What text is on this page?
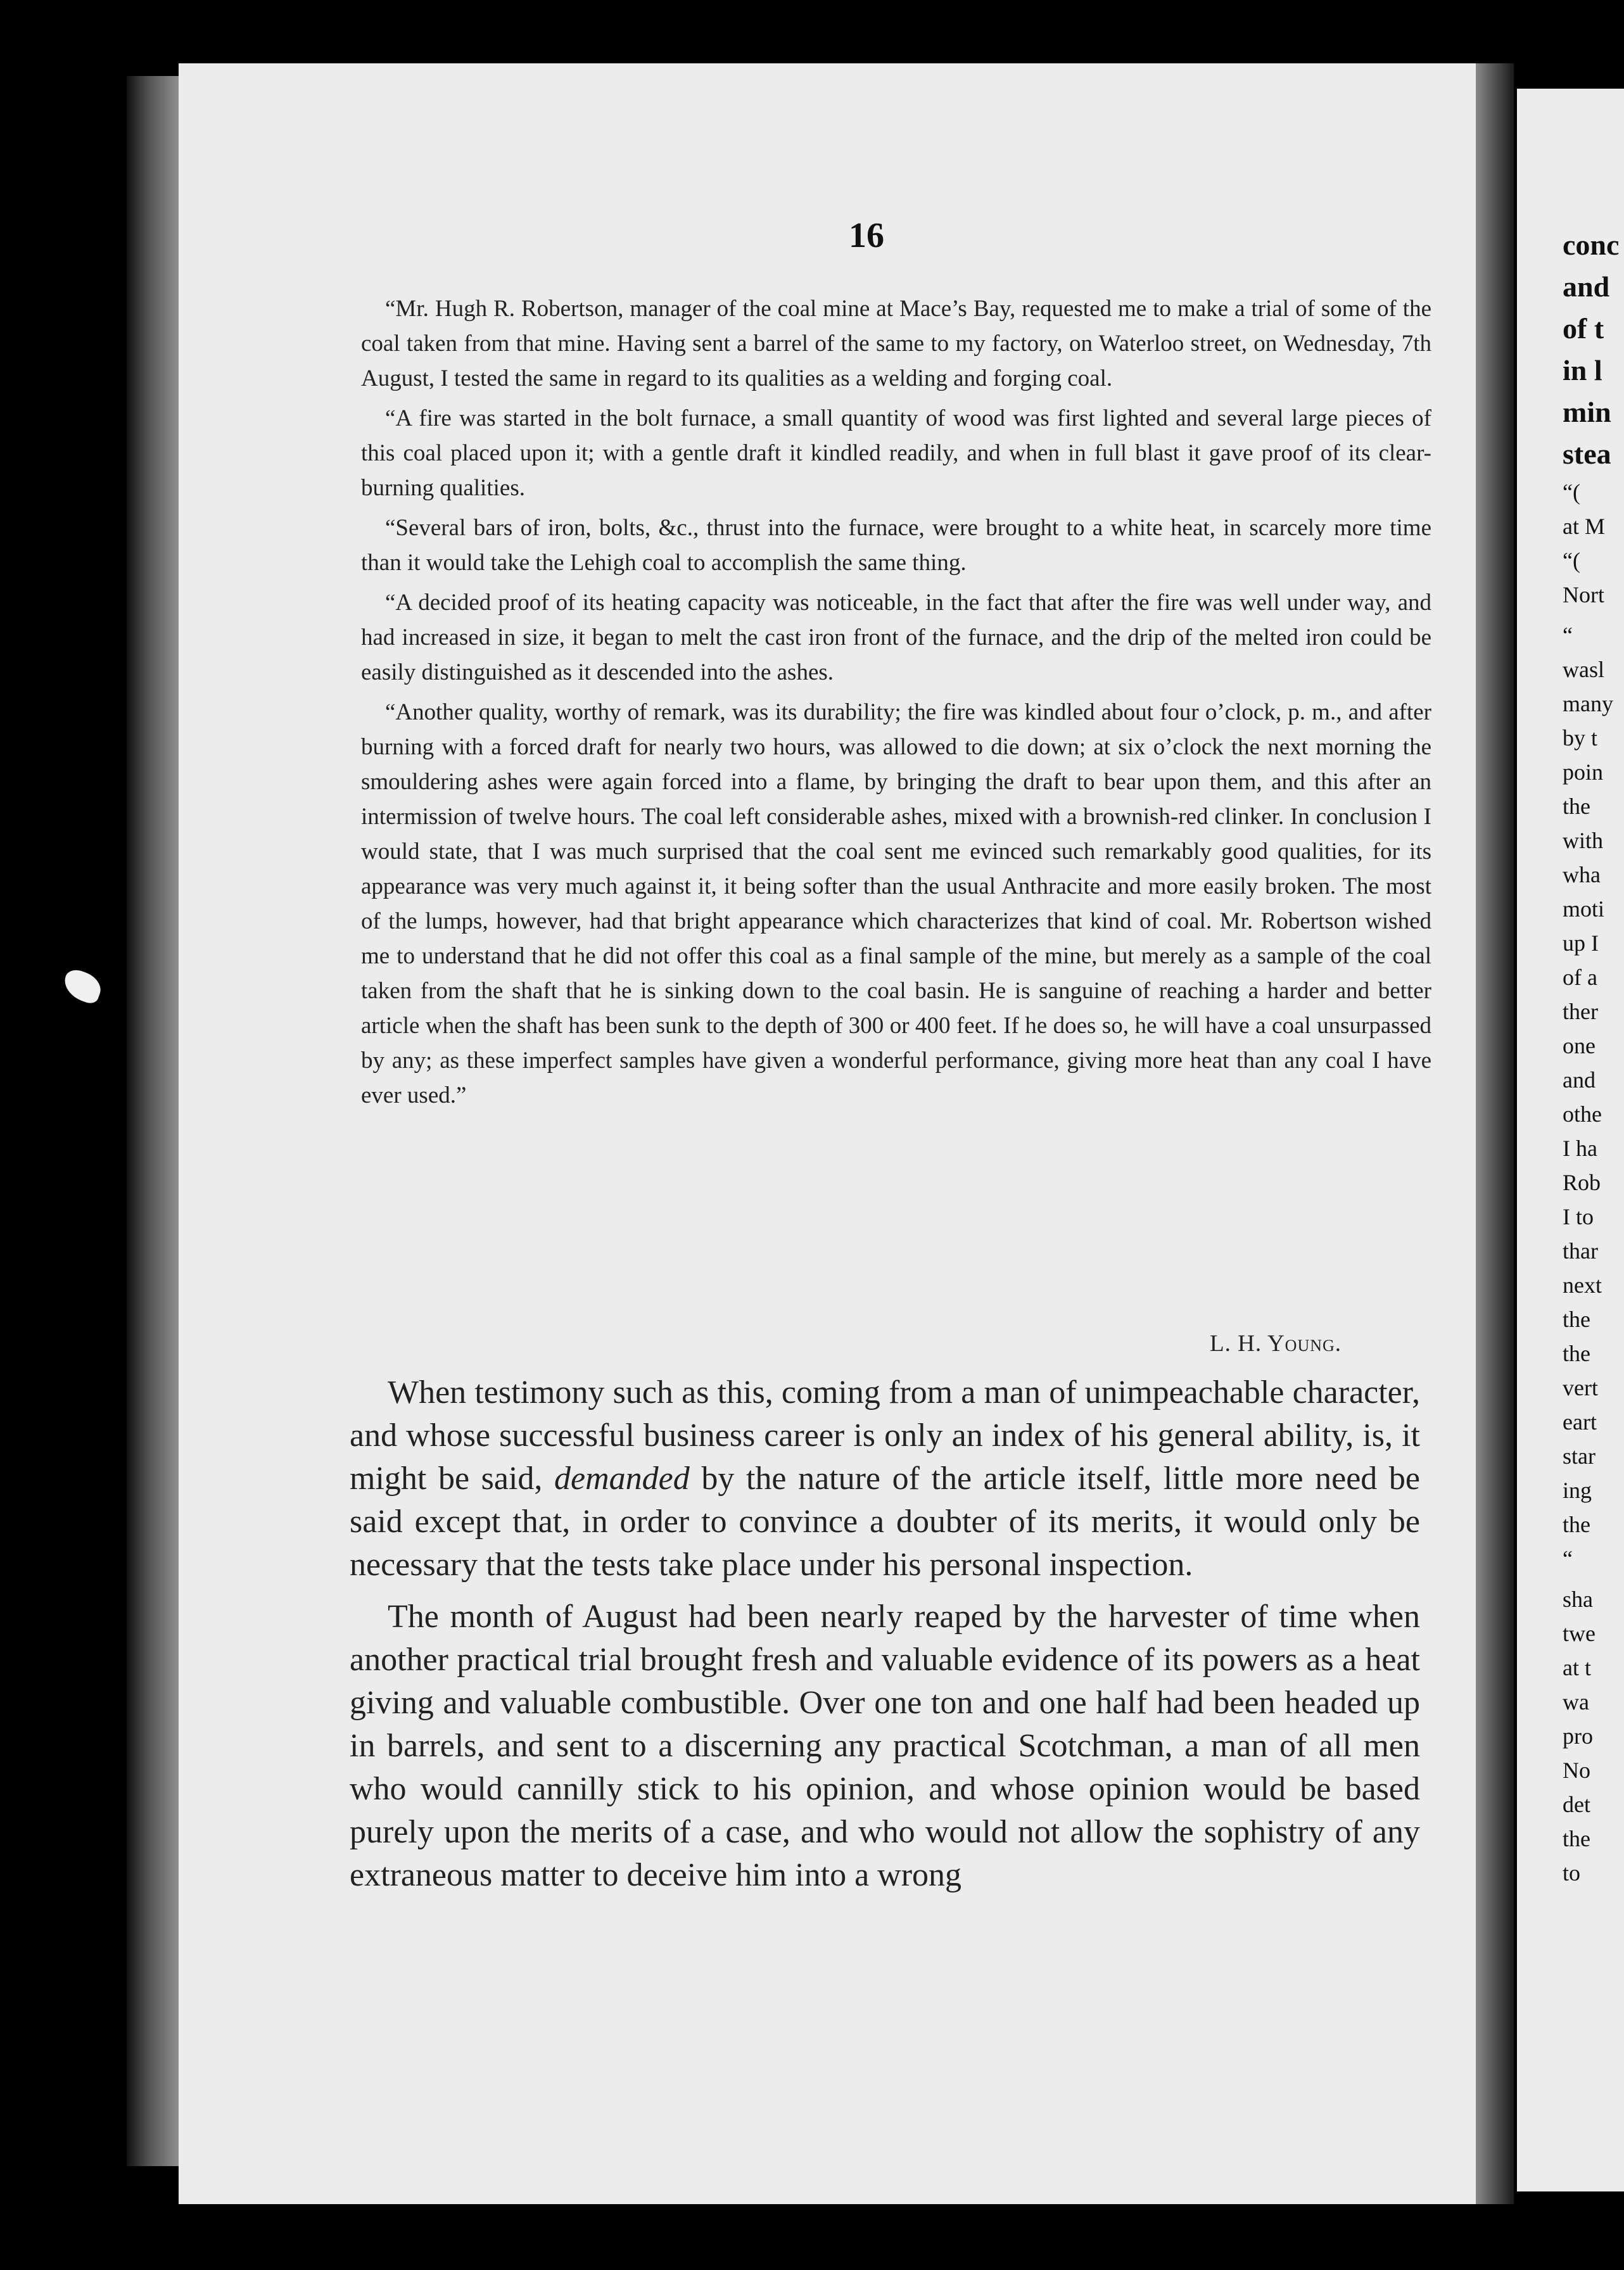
16

“Mr. Hugh R. Robertson, manager of the coal mine at Mace’s Bay, requested me to make a trial of some of the coal taken from that mine. Having sent a barrel of the same to my factory, on Waterloo street, on Wednesday, 7th August, I tested the same in regard to its qualities as a welding and forging coal.

“A fire was started in the bolt furnace, a small quantity of wood was first lighted and several large pieces of this coal placed upon it; with a gentle draft it kindled readily, and when in full blast it gave proof of its clear-burning qualities.

“Several bars of iron, bolts, &c., thrust into the furnace, were brought to a white heat, in scarcely more time than it would take the Lehigh coal to accomplish the same thing.

“A decided proof of its heating capacity was noticeable, in the fact that after the fire was well under way, and had increased in size, it began to melt the cast iron front of the furnace, and the drip of the melted iron could be easily distinguished as it descended into the ashes.

“Another quality, worthy of remark, was its durability; the fire was kindled about four o’clock, p. m., and after burning with a forced draft for nearly two hours, was allowed to die down; at six o’clock the next morning the smouldering ashes were again forced into a flame, by bringing the draft to bear upon them, and this after an intermission of twelve hours. The coal left considerable ashes, mixed with a brownish-red clinker. In conclusion I would state, that I was much surprised that the coal sent me evinced such remarkably good qualities, for its appearance was very much against it, it being softer than the usual Anthracite and more easily broken. The most of the lumps, however, had that bright appearance which characterizes that kind of coal. Mr. Robertson wished me to understand that he did not offer this coal as a final sample of the mine, but merely as a sample of the coal taken from the shaft that he is sinking down to the coal basin. He is sanguine of reaching a harder and better article when the shaft has been sunk to the depth of 300 or 400 feet. If he does so, he will have a coal unsurpassed by any; as these imperfect samples have given a wonderful performance, giving more heat than any coal I have ever used.”

L. H. Young.

When testimony such as this, coming from a man of unimpeachable character, and whose successful business career is only an index of his general ability, is, it might be said, demanded by the nature of the article itself, little more need be said except that, in order to convince a doubter of its merits, it would only be necessary that the tests take place under his personal inspection.

The month of August had been nearly reaped by the harvester of time when another practical trial brought fresh and valuable evidence of its powers as a heat giving and valuable combustible. Over one ton and one half had been headed up in barrels, and sent to a discerning any practical Scotchman, a man of all men who would cannilly stick to his opinion, and whose opinion would be based purely upon the merits of a case, and who would not allow the sophistry of any extraneous matter to deceive him into a wrong

conc
and
of t
in l
min
stea
“(
at M
“(
Nort
“
wasl
many
by t
poin
the
with
wha
moti
up I
of a
ther
one
and
othe
I ha
Rob
I to
thar
next
the
the
vert
eart
star
ing
the
“
sha
twe
at t
wa
pro
No
det
the
to
